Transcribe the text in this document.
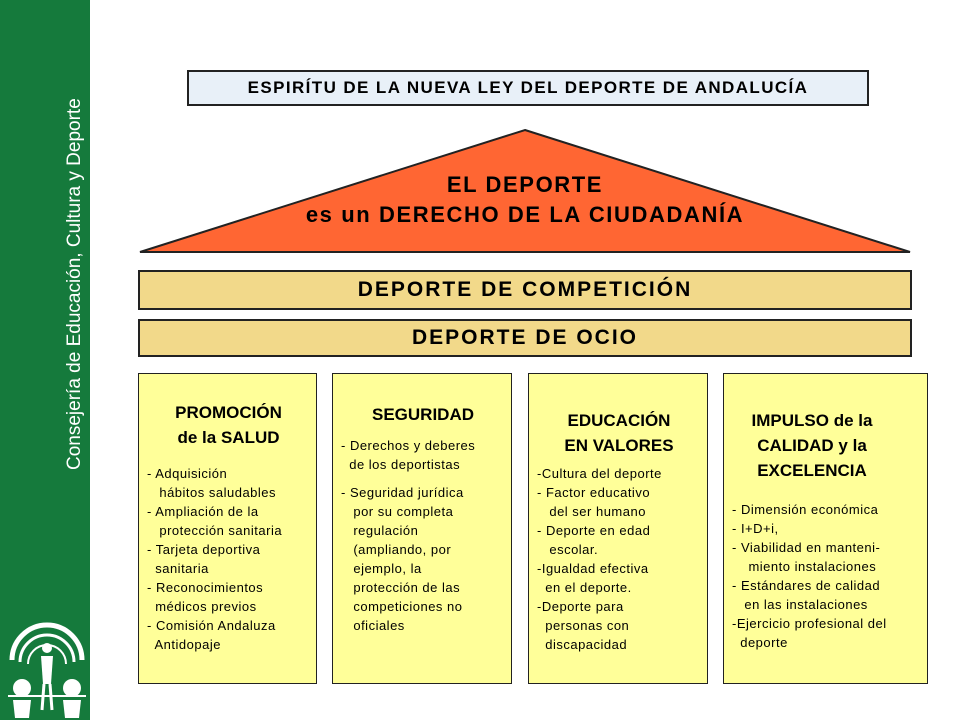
Consejería de Educación, Cultura y Deporte
ESPIRÍTU DE LA NUEVA LEY DEL DEPORTE DE ANDALUCÍA
EL DEPORTE
es un DERECHO DE LA CIUDADANÍA
DEPORTE DE COMPETICIÓN
DEPORTE DE OCIO
PROMOCIÓN
de la SALUD
- Adquisición
hábitos saludables
- Ampliación de la
protección sanitaria
- Tarjeta deportiva
sanitaria
- Reconocimientos
médicos previos
- Comisión Andaluza
Antidopaje
SEGURIDAD
- Derechos y deberes
de los deportistas
- Seguridad jurídica
por su completa
regulación
(ampliando, por
ejemplo, la
protección de las
competiciones no
oficiales
EDUCACIÓN
EN VALORES
-Cultura del deporte
- Factor educativo
del ser humano
- Deporte en edad
escolar.
-Igualdad efectiva
en el deporte.
-Deporte para
personas con
discapacidad
IMPULSO de la
CALIDAD y la
EXCELENCIA
- Dimensión económica
- I+D+i,
- Viabilidad en manteni-
miento instalaciones
- Estándares de calidad
en las instalaciones
-Ejercicio profesional del
deporte
